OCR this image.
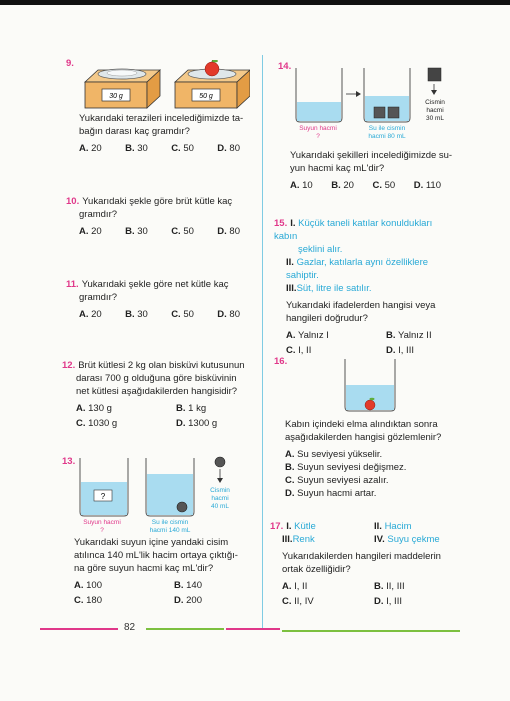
9.
30 g	50 g
Yukarıdaki terazileri incelediğimizde ta-
bağın darası kaç gramdır?
A. 20	B. 30	C. 50	D. 80
10. Yukarıdaki şekle göre brüt kütle kaç
gramdır?
A. 20	B. 30	C. 50	D. 80
11. Yukarıdaki şekle göre net kütle kaç
gramdır?
A. 20	B. 30	C. 50	D. 80
12. Brüt kütlesi 2 kg olan bisküvi kutusunun
darası 700 g olduğuna göre bisküvinin
net kütlesi aşağıdakilerden hangisidir?
A. 130 g	B. 1 kg
C. 1030 g	D. 1300 g
13.
?
Suyun hacmi
?
Su ile cismin
hacmi 140 mL
Cismin
hacmi
40 mL
Yukarıdaki suyun içine yandaki cisim
atılınca 140 mL'lik hacim ortaya çıktığı-
na göre suyun hacmi kaç mL'dir?
A. 100	B. 140
C. 180	D. 200
14.
Suyun hacmi
?
Su ile cismin
hacmi 80 mL
Cismin
hacmi
30 mL
Yukarıdaki şekilleri incelediğimizde su-
yun hacmi kaç mL'dir?
A. 10	B. 20	C. 50	D. 110
15. I. Küçük taneli katılar konuldukları kabın
şeklini alır.
II. Gazlar, katılarla aynı özelliklere sahiptir.
III.Süt, litre ile satılır.
Yukarıdaki ifadelerden hangisi veya
hangileri doğrudur?
A. Yalnız I	B. Yalnız II
C. I, II	D. I, III
16.
Kabın içindeki elma alındıktan sonra
aşağıdakilerden hangisi gözlemlenir?
A. Su seviyesi yükselir.
B. Suyun seviyesi değişmez.
C. Suyun seviyesi azalır.
D. Suyun hacmi artar.
17. I. Kütle	II. Hacim
III.Renk	IV. Suyu çekme
Yukarıdakilerden hangileri maddelerin
ortak özelliğidir?
A. I, II	B. II, III
C. II, IV	D. I, III
82
